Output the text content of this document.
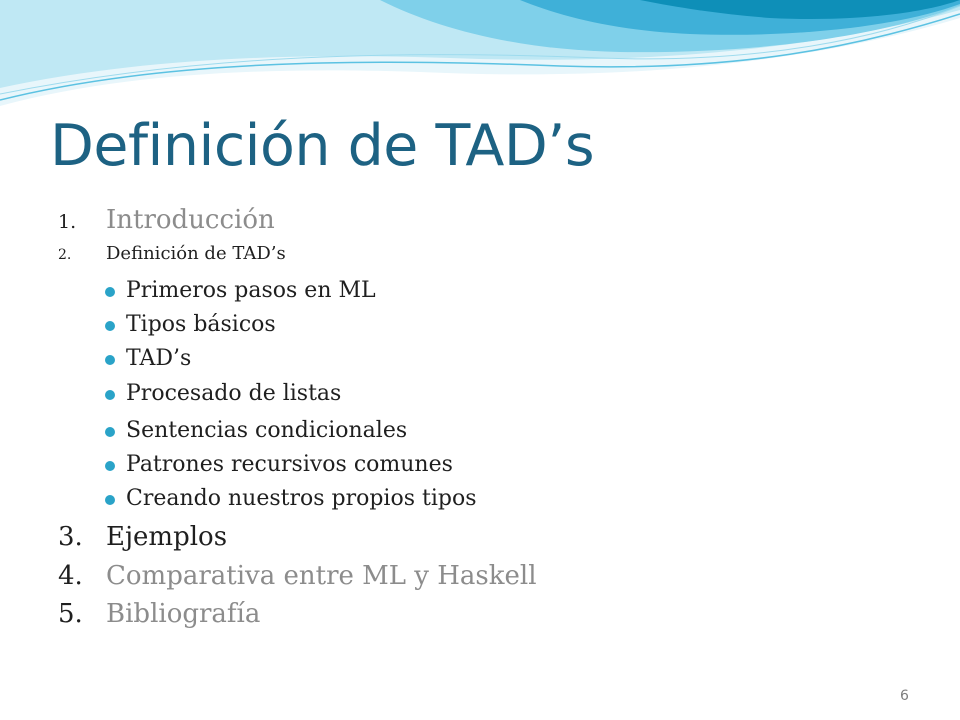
Definición de TAD’s
1. Introducción
2. Definición de TAD’s
Primeros pasos en ML
Tipos básicos
TAD’s
Procesado de listas
Sentencias condicionales
Patrones recursivos comunes
Creando nuestros propios tipos
3. Ejemplos
4. Comparativa entre ML y Haskell
5. Bibliografía
6
